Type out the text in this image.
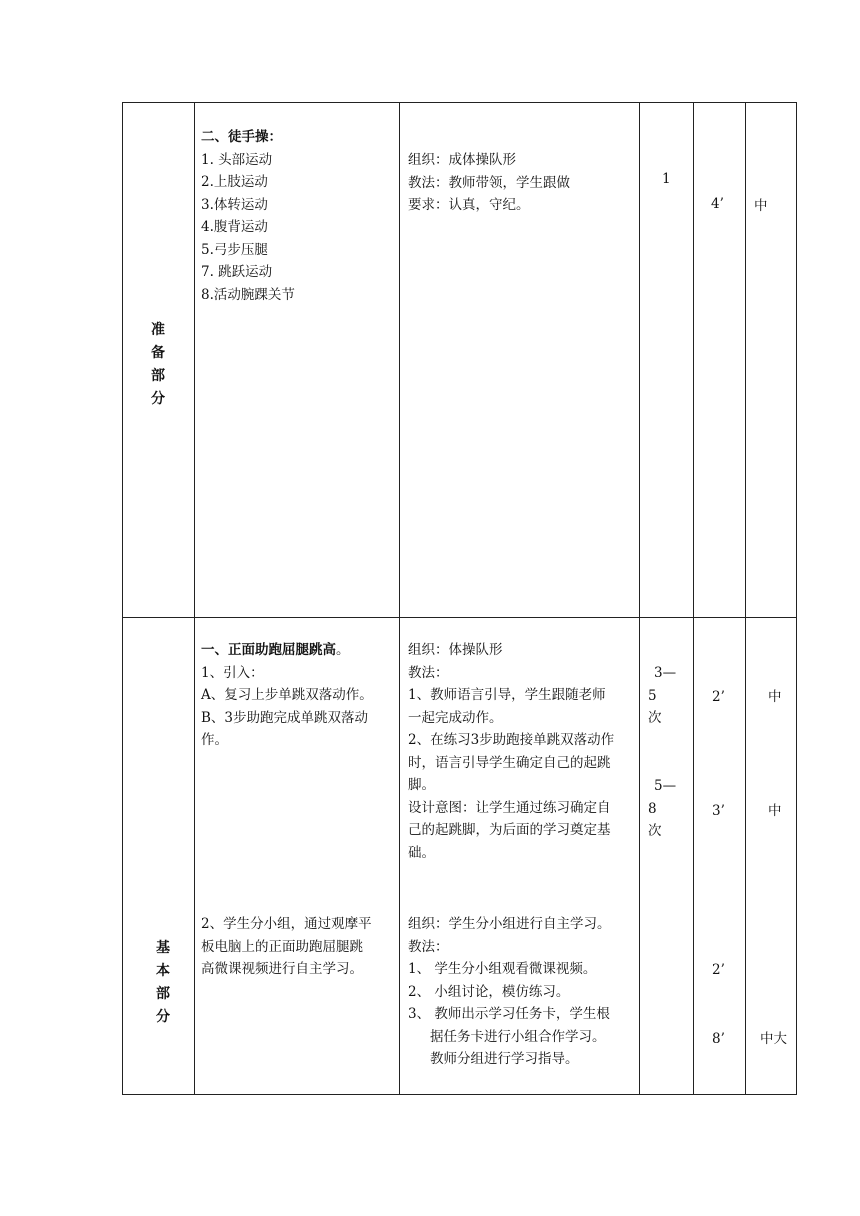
准
备
部
分
二、徒手操：
1. 头部运动
2.上肢运动
3.体转运动
4.腹背运动
5.弓步压腿
7. 跳跃运动
8.活动腕踝关节
组织：成体操队形
教法：教师带领，学生跟做
要求：认真，守纪。
1
4’ 中
基
本
部
分
一、正面助跑屈腿跳高。
1、引入：
A、复习上步单跳双落动作。
B、3步助跑完成单跳双落动
作。
组织：体操队形
教法：
1、教师语言引导，学生跟随老师
一起完成动作。
2、在练习3步助跑接单跳双落动作
时，语言引导学生确定自己的起跳
脚。
设计意图：让学生通过练习确定自
己的起跳脚，为后面的学习奠定基
础。
3—
5
次
5—
8
次
2’
3’
中
中
2、学生分小组，通过观摩平
板电脑上的正面助跑屈腿跳
高微课视频进行自主学习。
组织：学生分小组进行自主学习。
教法：
1、 学生分小组观看微课视频。
2、 小组讨论，模仿练习。
3、 教师出示学习任务卡，学生根
据任务卡进行小组合作学习。
教师分组进行学习指导。
2’
8’	中大
